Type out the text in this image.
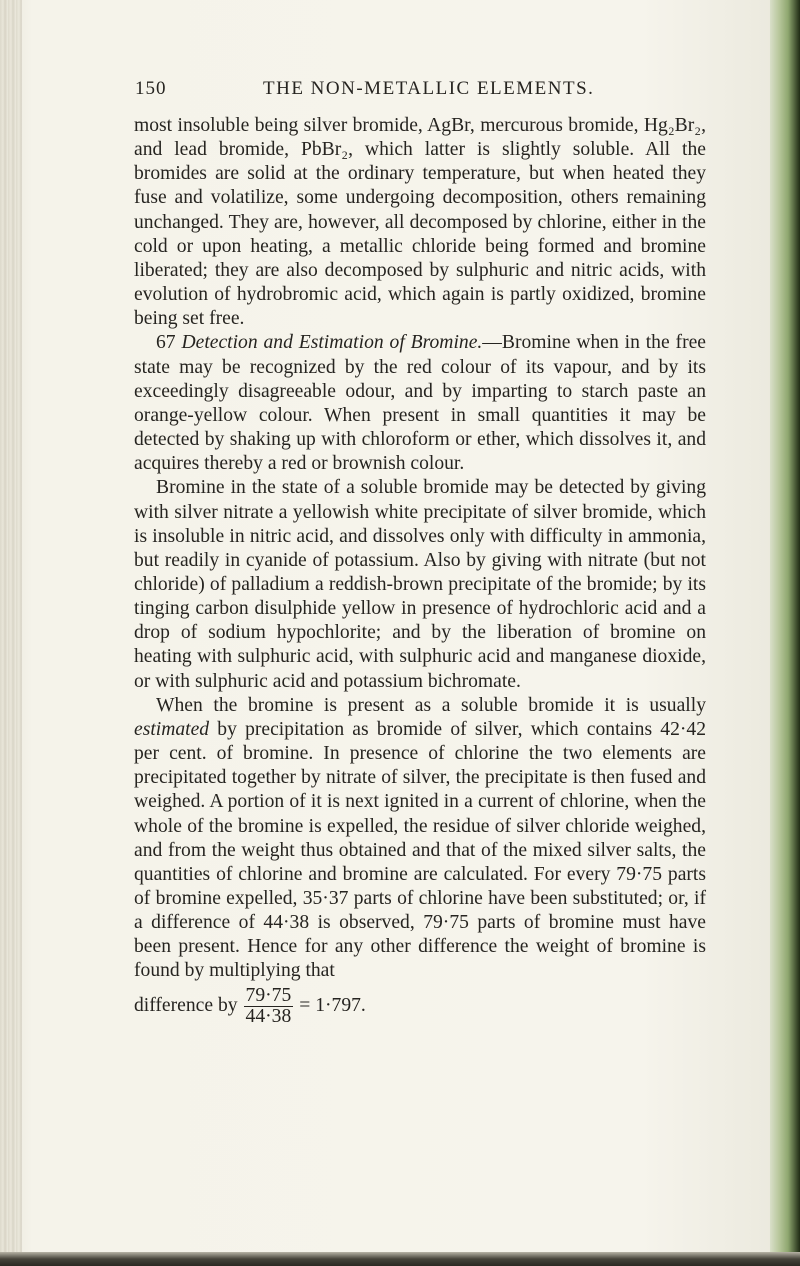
150	THE NON-METALLIC ELEMENTS.

most insoluble being silver bromide, AgBr, mercurous bromide, Hg₂Br₂, and lead bromide, PbBr₂, which latter is slightly soluble. All the bromides are solid at the ordinary temperature, but when heated they fuse and volatilize, some undergoing decomposition, others remaining unchanged. They are, however, all decomposed by chlorine, either in the cold or upon heating, a metallic chloride being formed and bromine liberated; they are also decomposed by sulphuric and nitric acids, with evolution of hydrobromic acid, which again is partly oxidized, bromine being set free.

67 Detection and Estimation of Bromine.—Bromine when in the free state may be recognized by the red colour of its vapour, and by its exceedingly disagreeable odour, and by imparting to starch paste an orange-yellow colour. When present in small quantities it may be detected by shaking up with chloroform or ether, which dissolves it, and acquires thereby a red or brownish colour.

Bromine in the state of a soluble bromide may be detected by giving with silver nitrate a yellowish white precipitate of silver bromide, which is insoluble in nitric acid, and dissolves only with difficulty in ammonia, but readily in cyanide of potassium. Also by giving with nitrate (but not chloride) of palladium a reddish-brown precipitate of the bromide; by its tinging carbon disulphide yellow in presence of hydrochloric acid and a drop of sodium hypochlorite; and by the liberation of bromine on heating with sulphuric acid, with sulphuric acid and manganese dioxide, or with sulphuric acid and potassium bichromate.

When the bromine is present as a soluble bromide it is usually estimated by precipitation as bromide of silver, which contains 42·42 per cent. of bromine. In presence of chlorine the two elements are precipitated together by nitrate of silver, the precipitate is then fused and weighed. A portion of it is next ignited in a current of chlorine, when the whole of the bromine is expelled, the residue of silver chloride weighed, and from the weight thus obtained and that of the mixed silver salts, the quantities of chlorine and bromine are calculated. For every 79·75 parts of bromine expelled, 35·37 parts of chlorine have been substituted; or, if a difference of 44·38 is observed, 79·75 parts of bromine must have been present. Hence for any other difference the weight of bromine is found by multiplying that

difference by $\frac{79\cdot 75}{44\cdot 38} = 1\cdot 797$.
